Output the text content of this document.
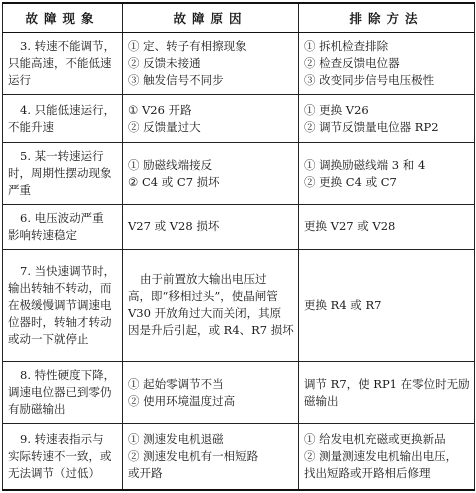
故障现象	故障原因	排除方法

3. 转速不能调节，
只能高速，不能低速
运行	① 定、转子有相擦现象
② 反馈未接通
③ 触发信号不同步	① 拆机检查排除
② 检查反馈电位器
③ 改变同步信号电压极性

4. 只能低速运行，
不能升速	① V26 开路
② 反馈量过大	① 更换 V26
② 调节反馈量电位器 RP2

5. 某一转速运行
时，周期性摆动现象
严重	① 励磁线端接反
② C4 或 C7 损坏	① 调换励磁线端 3 和 4
② 更换 C4 或 C7

6. 电压波动严重
影响转速稳定	V27 或 V28 损坏	更换 V27 或 V28

7. 当快速调节时，
输出转轴不转动，而
在极缓慢调节调速电
位器时，转轴才转动
或动一下就停止	由于前置放大输出电压过
高，即“移相过头”，使晶闸管
V30 开放角过大而关闭，其原
因是升后引起，或 R4、R7 损坏	更换 R4 或 R7

8. 特性硬度下降，
调速电位器已到零仍
有励磁输出	① 起始零调节不当
② 使用环境温度过高	调节 R7，使 RP1 在零位时无励
磁输出

9. 转速表指示与
实际转速不一致，或
无法调节（过低）	① 测速发电机退磁
② 测速发电机有一相短路
或开路	① 给发电机充磁或更换新品
② 测量测速发电机输出电压，
找出短路或开路相后修理
